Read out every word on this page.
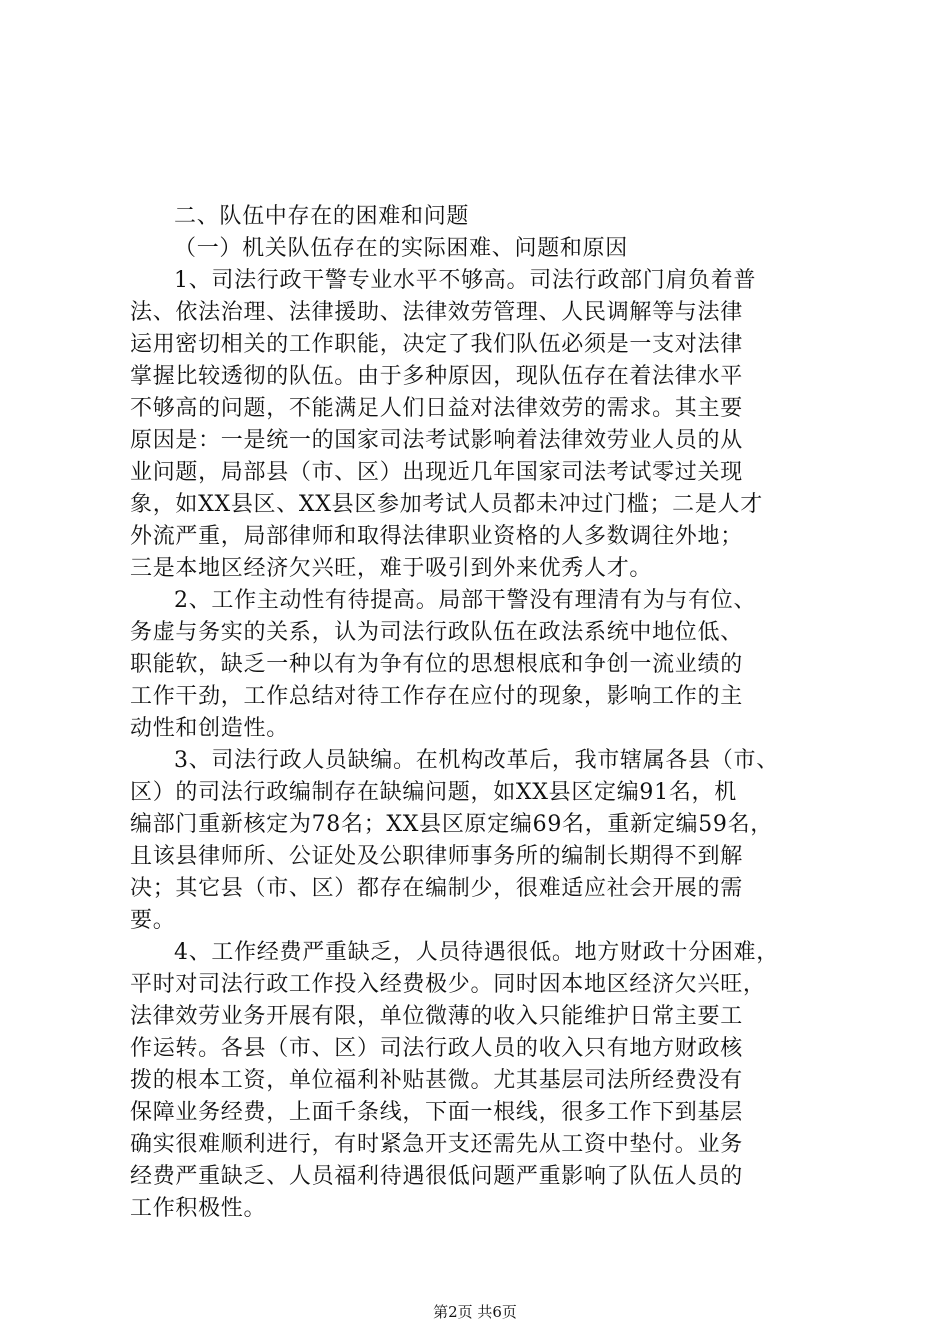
二、队伍中存在的困难和问题
（一）机关队伍存在的实际困难、问题和原因
1、司法行政干警专业水平不够高。司法行政部门肩负着普
法、依法治理、法律援助、法律效劳管理、人民调解等与法律
运用密切相关的工作职能，决定了我们队伍必须是一支对法律
掌握比较透彻的队伍。由于多种原因，现队伍存在着法律水平
不够高的问题，不能满足人们日益对法律效劳的需求。其主要
原因是：一是统一的国家司法考试影响着法律效劳业人员的从
业问题，局部县（市、区）出现近几年国家司法考试零过关现
象，如XX县区、XX县区参加考试人员都未冲过门槛；二是人才
外流严重，局部律师和取得法律职业资格的人多数调往外地；
三是本地区经济欠兴旺，难于吸引到外来优秀人才。
2、工作主动性有待提高。局部干警没有理清有为与有位、
务虚与务实的关系，认为司法行政队伍在政法系统中地位低、
职能软，缺乏一种以有为争有位的思想根底和争创一流业绩的
工作干劲，工作总结对待工作存在应付的现象，影响工作的主
动性和创造性。
3、司法行政人员缺编。在机构改革后，我市辖属各县（市、
区）的司法行政编制存在缺编问题，如XX县区定编91名，机
编部门重新核定为78名；XX县区原定编69名，重新定编59名，
且该县律师所、公证处及公职律师事务所的编制长期得不到解
决；其它县（市、区）都存在编制少，很难适应社会开展的需
要。
4、工作经费严重缺乏，人员待遇很低。地方财政十分困难，
平时对司法行政工作投入经费极少。同时因本地区经济欠兴旺，
法律效劳业务开展有限，单位微薄的收入只能维护日常主要工
作运转。各县（市、区）司法行政人员的收入只有地方财政核
拨的根本工资，单位福利补贴甚微。尤其基层司法所经费没有
保障业务经费，上面千条线，下面一根线，很多工作下到基层
确实很难顺利进行，有时紧急开支还需先从工资中垫付。业务
经费严重缺乏、人员福利待遇很低问题严重影响了队伍人员的
工作积极性。
第2页 共6页
